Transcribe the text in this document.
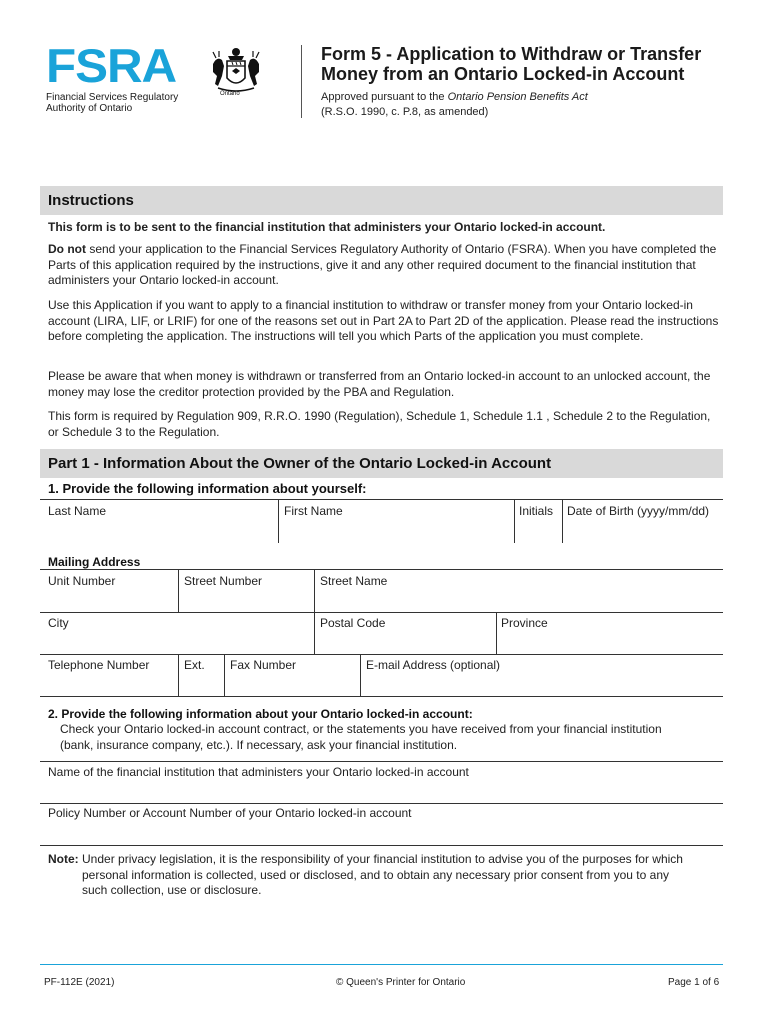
FSRA
Financial Services Regulatory
Authority of Ontario
Ontario
Form 5 - Application to Withdraw or Transfer
Money from an Ontario Locked-in Account
Approved pursuant to the Ontario Pension Benefits Act
(R.S.O. 1990, c. P.8, as amended)
Instructions
This form is to be sent to the financial institution that administers your Ontario locked-in account.
Do not send your application to the Financial Services Regulatory Authority of Ontario (FSRA). When you have completed the Parts of this application required by the instructions, give it and any other required document to the financial institution that administers your Ontario locked-in account.
Use this Application if you want to apply to a financial institution to withdraw or transfer money from your Ontario locked-in account (LIRA, LIF, or LRIF) for one of the reasons set out in Part 2A to Part 2D of the application. Please read the instructions before completing the application. The instructions will tell you which Parts of the application you must complete.
Please be aware that when money is withdrawn or transferred from an Ontario locked-in account to an unlocked account, the money may lose the creditor protection provided by the PBA and Regulation.
This form is required by Regulation 909, R.R.O. 1990 (Regulation), Schedule 1, Schedule 1.1 , Schedule 2 to the Regulation, or Schedule 3 to the Regulation.
Part 1 - Information About the Owner of the Ontario Locked-in Account
1. Provide the following information about yourself:
Last Name	First Name	Initials Date of Birth (yyyy/mm/dd)
Mailing Address
Unit Number	Street Number	Street Name
City	Postal Code	Province
Telephone Number	Ext. Fax Number	E-mail Address (optional)
2. Provide the following information about your Ontario locked-in account:
Check your Ontario locked-in account contract, or the statements you have received from your financial institution
(bank, insurance company, etc.). If necessary, ask your financial institution.
Name of the financial institution that administers your Ontario locked-in account
Policy Number or Account Number of your Ontario locked-in account
Note: Under privacy legislation, it is the responsibility of your financial institution to advise you of the purposes for which
personal information is collected, used or disclosed, and to obtain any necessary prior consent from you to any
such collection, use or disclosure.
PF-112E (2021)	© Queen's Printer for Ontario	Page 1 of 6
